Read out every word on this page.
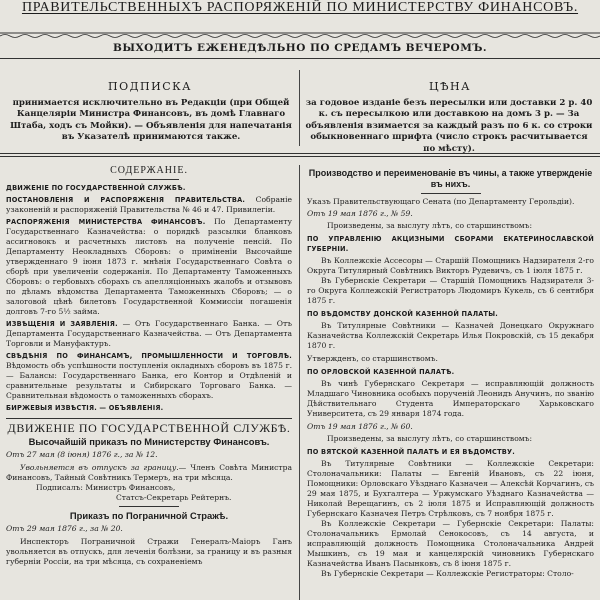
ПРАВИТЕЛЬСТВЕННЫХЪ РАСПОРЯЖЕНІЙ ПО МИНИСТЕРСТВУ ФИНАНСОВЪ.
ВЫХОДИТЪ ЕЖЕНЕДѢЛЬНО ПО СРЕДАМЪ ВЕЧЕРОМЪ.
ПОДПИСКА
принимается исключительно въ Редакціи (при Общей Канцеляріи Министра Финансовъ, въ домѣ Главнаго Штаба, ходъ съ Мойки). — Объявленія для напечатанія въ Указателѣ принимаются также.
ЦѢНА
за годовое изданіе безъ пересылки или доставки 2 р. 40 к. съ пересылкою или доставкою на домъ 3 р. — За объявленія взимается за каждый разъ по 6 к. со строки обыкновеннаго шрифта (число строкъ расчитывается по мѣсту).
СОДЕРЖАНІЕ.

ДВИЖЕНІЕ ПО ГОСУДАРСТВЕННОЙ СЛУЖБѢ.

ПОСТАНОВЛЕНІЯ И РАСПОРЯЖЕНІЯ ПРАВИТЕЛЬСТВА. Собраніе узаконеній и распоряженій Правительства № 46 и 47. Привилегіи.

РАСПОРЯЖЕНІЯ МИНИСТЕРСТВА ФИНАНСОВЪ. По Департаменту Государственнаго Казначейства: о порядкѣ разсылки бланковъ ассигновокъ и расчетныхъ листовъ на полученіе пенсій. По Департаменту Неокладныхъ Сборовъ: о приміненіи Высочайше утвержденнаго 9 іюня 1873 г. мнѣнія Государственнаго Совѣта о сборѣ при увеличеніи содержанія. По Департаменту Таможенныхъ Сборовъ: о гербовыхъ сборахъ съ апелляціонныхъ жалобъ и отзывовъ по дѣламъ вѣдомства Департамента Таможенныхъ Сборовъ; — о залоговой цѣнѣ билетовъ Государственной Коммиссіи погашенія долговъ 7-го 5½ займа.

ИЗВѢЩЕНІЯ И ЗАЯВЛЕНІЯ. — Отъ Государственнаго Банка. — Отъ Департамента Государственнаго Казначейства. — Отъ Департамента Торговли и Мануфактуръ.

СВѢДѢНІЯ ПО ФИНАНСАМЪ, ПРОМЫШЛЕННОСТИ И ТОРГОВЛѢ. Вѣдомость объ успѣшности поступленія окладныхъ сборовъ въ 1875 г. — Балансы: Государственнаго Банка, его Контор и Отдѣленій и сравнительные результаты и Сибирскаго Торговаго Банка. — Сравнительная вѣдомость о таможенныхъ сборахъ.

БИРЖЕВЫЯ ИЗВѢСТІЯ. — ОБЪЯВЛЕНІЯ.

ДВИЖЕНІЕ ПО ГОСУДАРСТВЕННОЙ СЛУЖБѢ.
Высочайшій приказъ по Министерству Финансовъ.

Отъ 27 мая (8 іюня) 1876 г., за № 12.

Увольняется въ отпускъ за границу.— Членъ Совѣта Министра Финансовъ, Тайный Совѣтникъ Термеръ, на три мѣсяца.

Подписалъ: Министръ Финансовъ,

Статсъ-Секретарь Рейтернъ.

Приказъ по Пограничной Стражѣ.

Отъ 29 мая 1876 г., за № 20.

Инспекторъ Пограничной Стражи Генералъ-Маіоръ Ганъ увольняется въ отпускъ, для леченія болѣзни, за границу и въ разныя губерніи Россіи, на три мѣсяца, съ сохраненіемъ

Производство и переименованіе въ чины, а также утвержденіе въ нихъ.

Указъ Правительствующаго Сената (по Департаменту Герольдіи).

Отъ 19 мая 1876 г., № 59.

Произведены, за выслугу лѣтъ, со старшинствомъ:

ПО УПРАВЛЕНІЮ АКЦИЗНЫМИ СБОРАМИ ЕКАТЕРИНОСЛАВСКОЙ ГУБЕРНІИ.

Въ Коллежскіе Ассесоры — Старшій Помощникъ Надзирателя 2-го Округа Титулярный Совѣтникъ Викторъ Рудевичъ, съ 1 іюля 1875 г.

Въ Губернскіе Секретари — Старшій Помощникъ Надзирателя 3-го Округа Коллежскій Регистраторъ Людомиръ Кукель, съ 6 сентября 1875 г.

ПО ВѢДОМСТВУ ДОНСКОЙ КАЗЕННОЙ ПАЛАТЫ.

Въ Титулярные Совѣтники — Казначей Донецкаго Окружнаго Казначейства Коллежскій Секретарь Илья Покровскій, съ 15 декабря 1870 г.

Утвержденъ, со старшинствомъ.

ПО ОРЛОВСКОЙ КАЗЕННОЙ ПАЛАТѢ.

Въ чинѣ Губернскаго Секретаря — исправляющій должность Младшаго Чиновника особыхъ порученій Леонидъ Анучинъ, по званію Дѣйствительнаго Студента Императорскаго Харьковскаго Университета, съ 29 января 1874 года.

Отъ 19 мая 1876 г., № 60.

Произведены, за выслугу лѣтъ, со старшинствомъ:

ПО ВЯТСКОЙ КАЗЕННОЙ ПАЛАТѢ И ЕЯ ВѢДОМСТВУ.

Въ Титулярные Совѣтники — Коллежскіе Секретари: Столоначальники: Палаты — Евгеній Ивановъ, съ 22 іюня, Помощники: Орловскаго Уѣзднаго Казначея — Алексѣй Корчагинъ, съ 29 мая 1875, и Бухгалтера — Уржумскаго Уѣзднаго Казначейства — Николай Верещагинъ, съ 2 іюля 1875 и Исправляющій должность Губернскаго Казначея Петръ Стрѣлковъ, съ 7 ноября 1875 г.

Въ Коллежскіе Секретари — Губернскіе Секретари: Палаты: Столоначальникъ Ермолай Сенокосовъ, съ 14 августа, и исправляющій должность Помощника Столоначальника Андрей Мышкинъ, съ 19 мая и канцелярскій чиновникъ Губернскаго Казначейства Иванъ Пасынковъ, съ 8 іюня 1875 г.

Въ Губернскіе Секретари — Коллежскіе Регистраторы: Столо-
